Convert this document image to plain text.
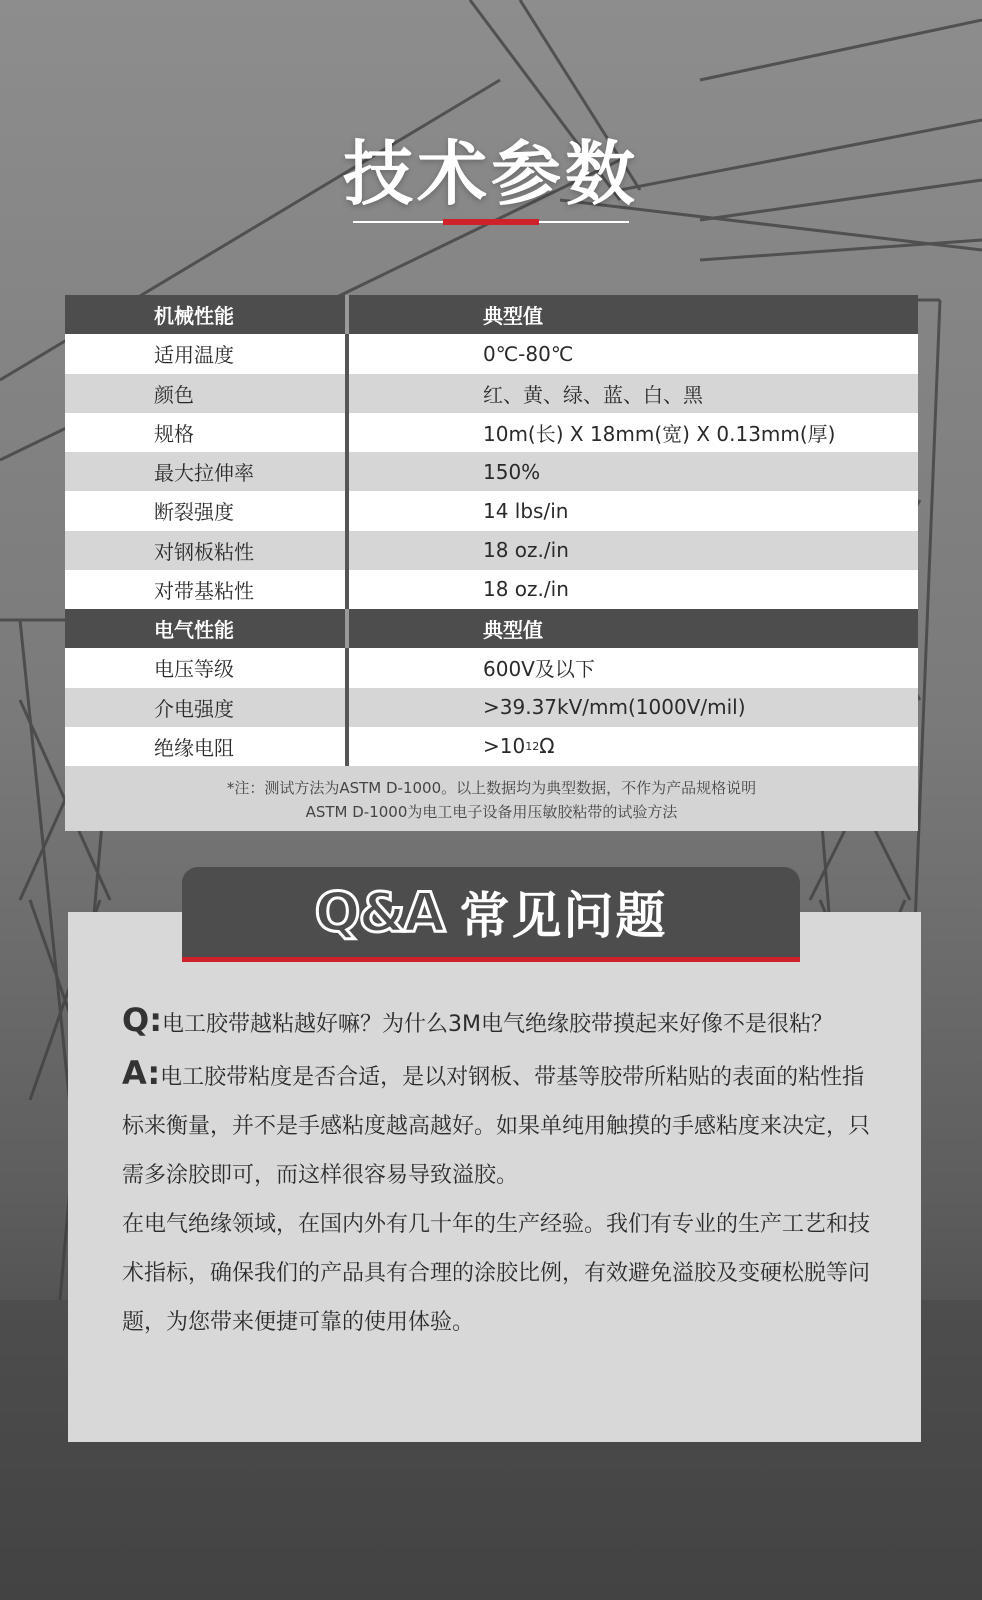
技术参数
机械性能	典型值
适用温度	0℃-80℃
颜色	红、黄、绿、蓝、白、黑
规格	10m(长) X 18mm(宽) X 0.13mm(厚)
最大拉伸率	150%
断裂强度	14 lbs/in
对钢板粘性	18 oz./in
对带基粘性	18 oz./in
电气性能	典型值
电压等级	600V及以下
介电强度	>39.37kV/mm(1000V/mil)
绝缘电阻	>10 12 Ω
*注：测试方法为ASTM D-1000。以上数据均为典型数据，不作为产品规格说明
ASTM D-1000为电工电子设备用压敏胶粘带的试验方法
Q&A 常见问题

Q:电工胶带越粘越好嘛？为什么3M电气绝缘胶带摸起来好像不是很粘？

A:电工胶带粘度是否合适，是以对钢板、带基等胶带所粘贴的表面的粘性指标来衡量，并不是手感粘度越高越好。如果单纯用触摸的手感粘度来决定，只需多涂胶即可，而这样很容易导致溢胶。

在电气绝缘领域，在国内外有几十年的生产经验。我们有专业的生产工艺和技术指标，确保我们的产品具有合理的涂胶比例，有效避免溢胶及变硬松脱等问题，为您带来便捷可靠的使用体验。
